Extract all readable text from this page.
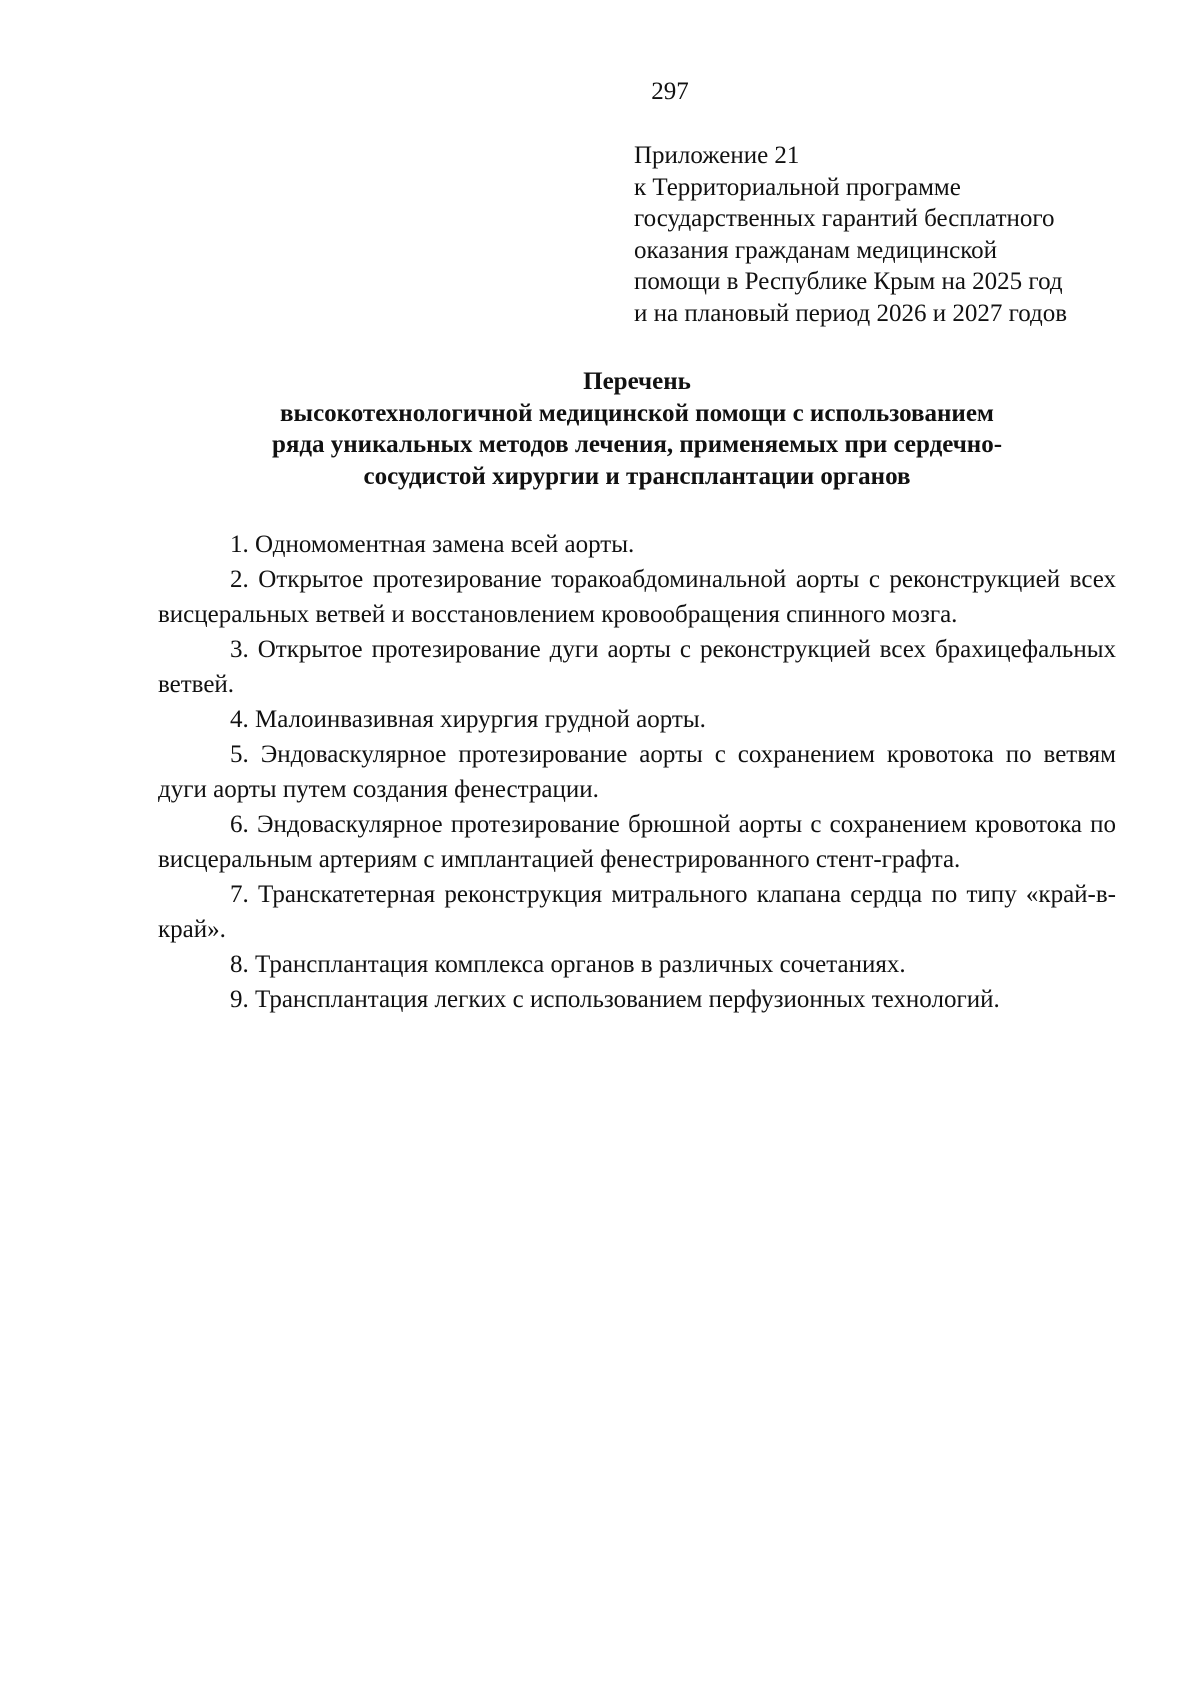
297
Приложение 21
к Территориальной программе
государственных гарантий бесплатного
оказания гражданам медицинской
помощи в Республике Крым на 2025 год
и на плановый период 2026 и 2027 годов
Перечень
высокотехнологичной медицинской помощи с использованием
ряда уникальных методов лечения, применяемых при сердечно-
сосудистой хирургии и трансплантации органов

1. Одномоментная замена всей аорты.

2. Открытое протезирование торакоабдоминальной аорты с реконструкцией всех висцеральных ветвей и восстановлением кровообращения спинного мозга.

3. Открытое протезирование дуги аорты с реконструкцией всех брахицефальных ветвей.

4. Малоинвазивная хирургия грудной аорты.

5. Эндоваскулярное протезирование аорты с сохранением кровотока по ветвям дуги аорты путем создания фенестрации.

6. Эндоваскулярное протезирование брюшной аорты с сохранением кровотока по висцеральным артериям с имплантацией фенестрированного стент-графта.

7. Транскатетерная реконструкция митрального клапана сердца по типу «край-в-край».

8. Трансплантация комплекса органов в различных сочетаниях.

9. Трансплантация легких с использованием перфузионных технологий.
